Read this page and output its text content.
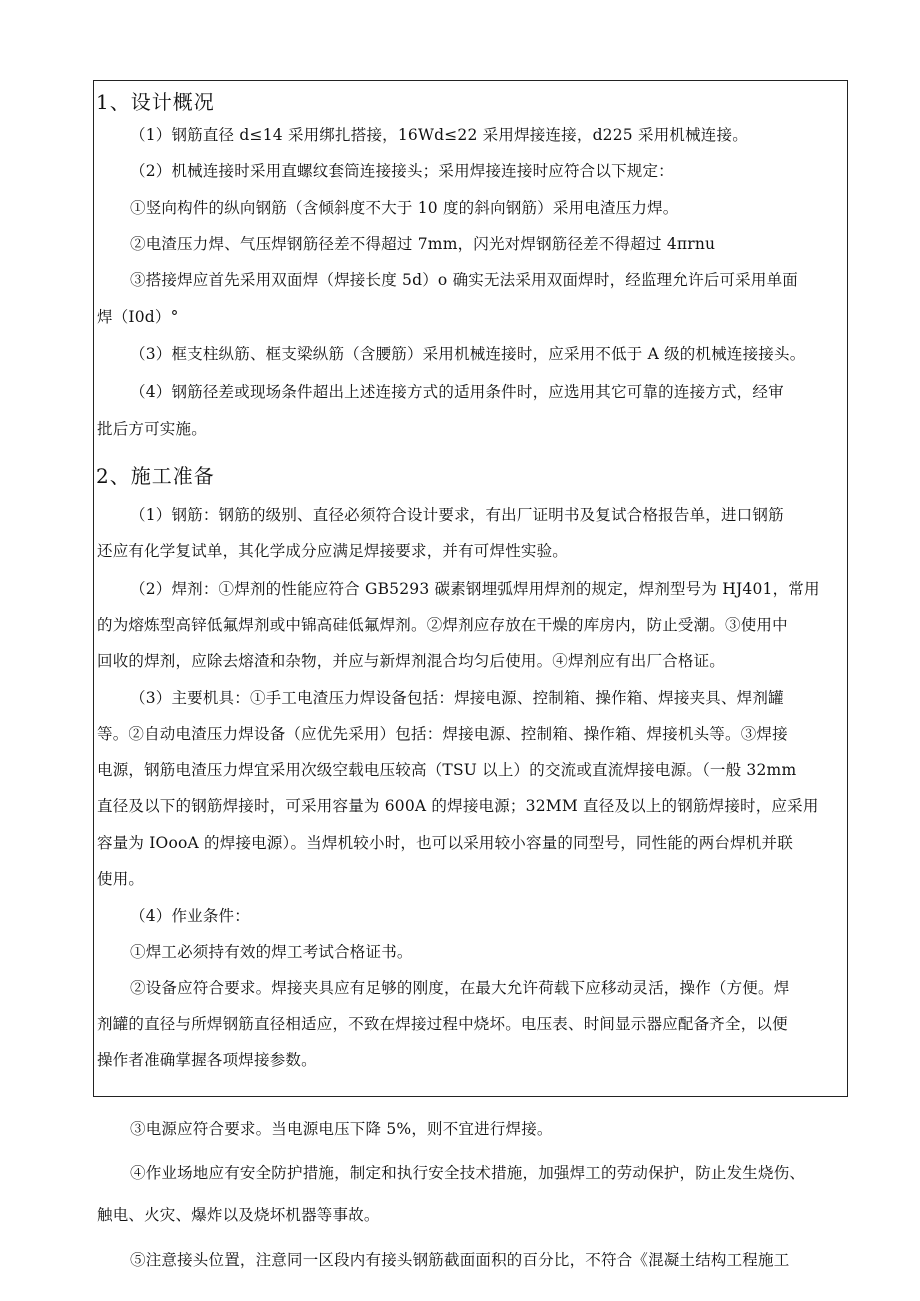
1、设计概况
（1）钢筋直径 d≤14 采用绑扎搭接，16Wd≤22 采用焊接连接，d225 采用机械连接。
（2）机械连接时采用直螺纹套筒连接接头；采用焊接连接时应符合以下规定：
①竖向构件的纵向钢筋（含倾斜度不大于 10 度的斜向钢筋）采用电渣压力焊。
②电渣压力焊、气压焊钢筋径差不得超过 7mm，闪光对焊钢筋径差不得超过 4πrnu
③搭接焊应首先采用双面焊（焊接长度 5d）o 确实无法采用双面焊时，经监理允许后可采用单面
焊（I0d）°
（3）框支柱纵筋、框支梁纵筋（含腰筋）采用机械连接时，应采用不低于 A 级的机械连接接头。
（4）钢筋径差或现场条件超出上述连接方式的适用条件时，应选用其它可靠的连接方式，经审
批后方可实施。
2、施工准备
（1）钢筋：钢筋的级别、直径必须符合设计要求，有出厂证明书及复试合格报告单，进口钢筋
还应有化学复试单，其化学成分应满足焊接要求，并有可焊性实验。
（2）焊剂：①焊剂的性能应符合 GB5293 碳素钢埋弧焊用焊剂的规定，焊剂型号为 HJ401，常用
的为熔炼型高锌低氟焊剂或中锦高硅低氟焊剂。②焊剂应存放在干燥的库房内，防止受潮。③使用中
回收的焊剂，应除去熔渣和杂物，并应与新焊剂混合均匀后使用。④焊剂应有出厂合格证。
（3）主要机具：①手工电渣压力焊设备包括：焊接电源、控制箱、操作箱、焊接夹具、焊剂罐
等。②自动电渣压力焊设备（应优先采用）包括：焊接电源、控制箱、操作箱、焊接机头等。③焊接
电源，钢筋电渣压力焊宜采用次级空载电压较高（TSU 以上）的交流或直流焊接电源。（一般 32mm
直径及以下的钢筋焊接时，可采用容量为 600A 的焊接电源；32MM 直径及以上的钢筋焊接时，应采用
容量为 IOooA 的焊接电源）。当焊机较小时，也可以采用较小容量的同型号，同性能的两台焊机并联
使用。
（4）作业条件：
①焊工必须持有效的焊工考试合格证书。
②设备应符合要求。焊接夹具应有足够的刚度，在最大允许荷载下应移动灵活，操作（方便。焊
剂罐的直径与所焊钢筋直径相适应，不致在焊接过程中烧坏。电压表、时间显示器应配备齐全，以便
操作者准确掌握各项焊接参数。
③电源应符合要求。当电源电压下降 5%，则不宜进行焊接。
④作业场地应有安全防护措施，制定和执行安全技术措施，加强焊工的劳动保护，防止发生烧伤、
触电、火灾、爆炸以及烧坏机器等事故。
⑤注意接头位置，注意同一区段内有接头钢筋截面面积的百分比，不符合《混凝土结构工程施工
